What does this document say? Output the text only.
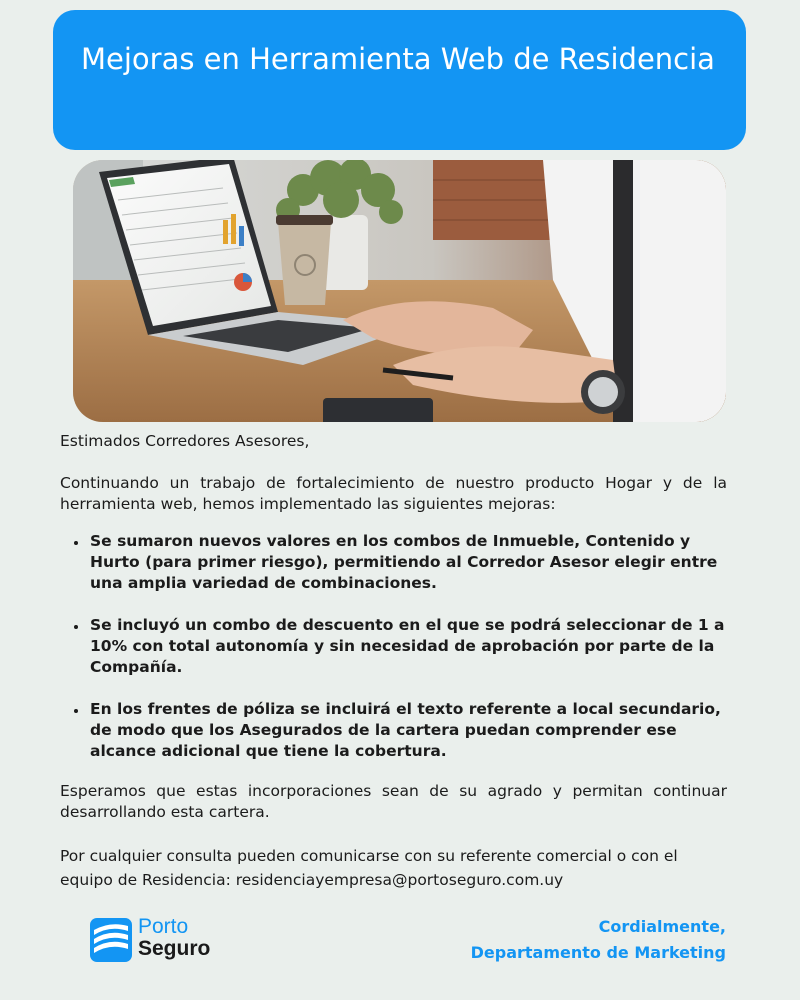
Mejoras en Herramienta Web de Residencia

Estimados Corredores Asesores,

Continuando un trabajo de fortalecimiento de nuestro producto Hogar y de la herramienta web, hemos implementado las siguientes mejoras:

• Se sumaron nuevos valores en los combos de Inmueble, Contenido y Hurto (para primer riesgo), permitiendo al Corredor Asesor elegir entre una amplia variedad de combinaciones.
• Se incluyó un combo de descuento en el que se podrá seleccionar de 1 a 10% con total autonomía y sin necesidad de aprobación por parte de la Compañía.
• En los frentes de póliza se incluirá el texto referente a local secundario, de modo que los Asegurados de la cartera puedan comprender ese alcance adicional que tiene la cobertura.

Esperamos que estas incorporaciones sean de su agrado y permitan continuar desarrollando esta cartera.

Por cualquier consulta pueden comunicarse con su referente comercial o con el equipo de Residencia: residenciayempresa@portoseguro.com.uy

Porto
Seguro
Cordialmente,
Departamento de Marketing
